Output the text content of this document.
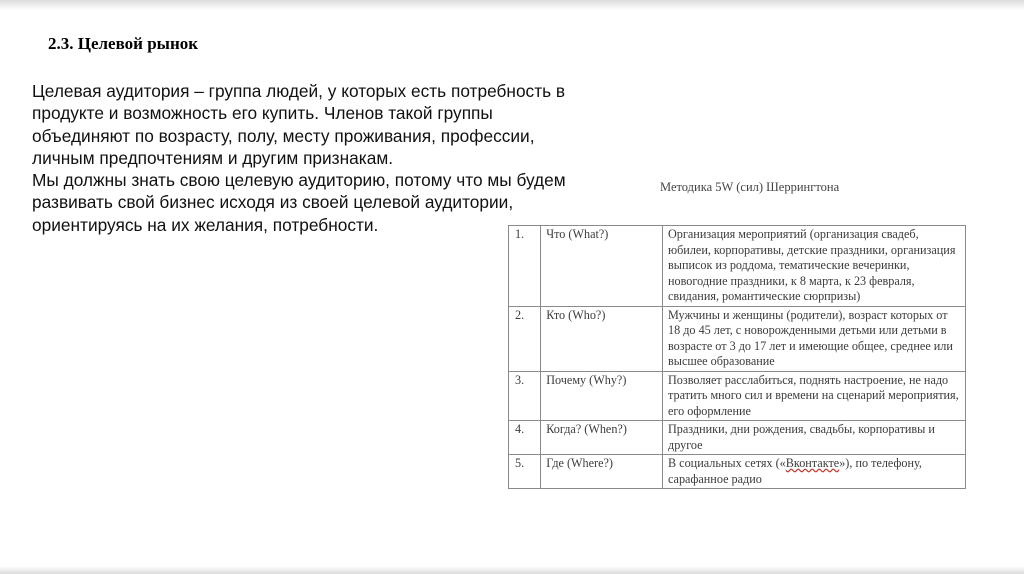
2.3. Целевой рынок
Целевая аудитория – группа людей, у которых есть потребность в
продукте и возможность его купить. Членов такой группы
объединяют по возрасту, полу, месту проживания, профессии,
личным предпочтениям и другим признакам.
Мы должны знать свою целевую аудиторию, потому что мы будем
развивать свой бизнес исходя из своей целевой аудитории,
ориентируясь на их желания, потребности.
Методика 5W (сил) Шеррингтона
1.	Что (What?)	Организация мероприятий (организация свадеб, юбилеи, корпоративы, детские праздники, организация выписок из роддома, тематические вечеринки, новогодние праздники, к 8 марта, к 23 февраля, свидания, романтические сюрпризы)
2.	Кто (Who?)	Мужчины и женщины (родители), возраст которых от 18 до 45 лет, с новорожденными детьми или детьми в возрасте от 3 до 17 лет и имеющие общее, среднее или высшее образование
3.	Почему (Why?)	Позволяет расслабиться, поднять настроение, не надо тратить много сил и времени на сценарий мероприятия, его оформление
4.	Когда? (When?)	Праздники, дни рождения, свадьбы, корпоративы и другое
5.	Где (Where?)	В социальных сетях («Вконтакте»), по телефону, сарафанное радио
